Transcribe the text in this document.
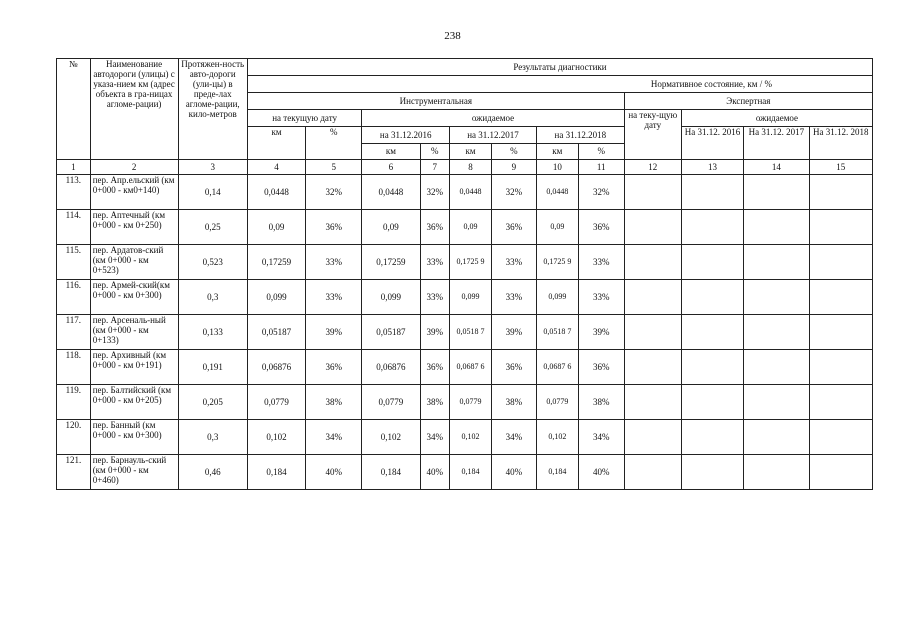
238
№	Наименование автодороги (улицы) с указа-нием км (адрес объекта в гра-ницах агломе-рации)	Протяжен-ность авто-дороги (ули-цы) в преде-лах агломе-рации, кило-метров	Результаты диагностики											
			Нормативное состояние, км / %											
			Инструментальная								Экспертная			
			на текущую дату		ожидаемое						на теку-щую дату	ожидаемое		
			км	%	на 31.12.2016		на 31.12.2017		на 31.12.2018			На 31.12. 2016	На 31.12. 2017	На 31.12. 2018
					км	%	км	%	км	%				
1	2	3	4	5	6	7	8	9	10	11	12	13	14	15
113.	пер. Апр.ельский (км 0+000 - км0+140)	0,14	0,0448	32%	0,0448	32%	0,0448	32%	0,0448	32%				
114.	пер. Аптечный (км 0+000 - км 0+250)	0,25	0,09	36%	0,09	36%	0,09	36%	0,09	36%				
115.	пер. Ардатов-ский (км 0+000 - км 0+523)	0,523	0,17259	33%	0,17259	33%	0,1725 9	33%	0,1725 9	33%				
116.	пер. Армей-ский(км 0+000 - км 0+300)	0,3	0,099	33%	0,099	33%	0,099	33%	0,099	33%				
117.	пер. Арсеналь-ный (км 0+000 - км 0+133)	0,133	0,05187	39%	0,05187	39%	0,0518 7	39%	0,0518 7	39%				
118.	пер. Архивный (км 0+000 - км 0+191)	0,191	0,06876	36%	0,06876	36%	0,0687 6	36%	0,0687 6	36%				
119.	пер. Балтийский (км 0+000 - км 0+205)	0,205	0,0779	38%	0,0779	38%	0,0779	38%	0,0779	38%				
120.	пер. Банный (км 0+000 - км 0+300)	0,3	0,102	34%	0,102	34%	0,102	34%	0,102	34%				
121.	пер. Барнауль-ский (км 0+000 - км 0+460)	0,46	0,184	40%	0,184	40%	0,184	40%	0,184	40%				
